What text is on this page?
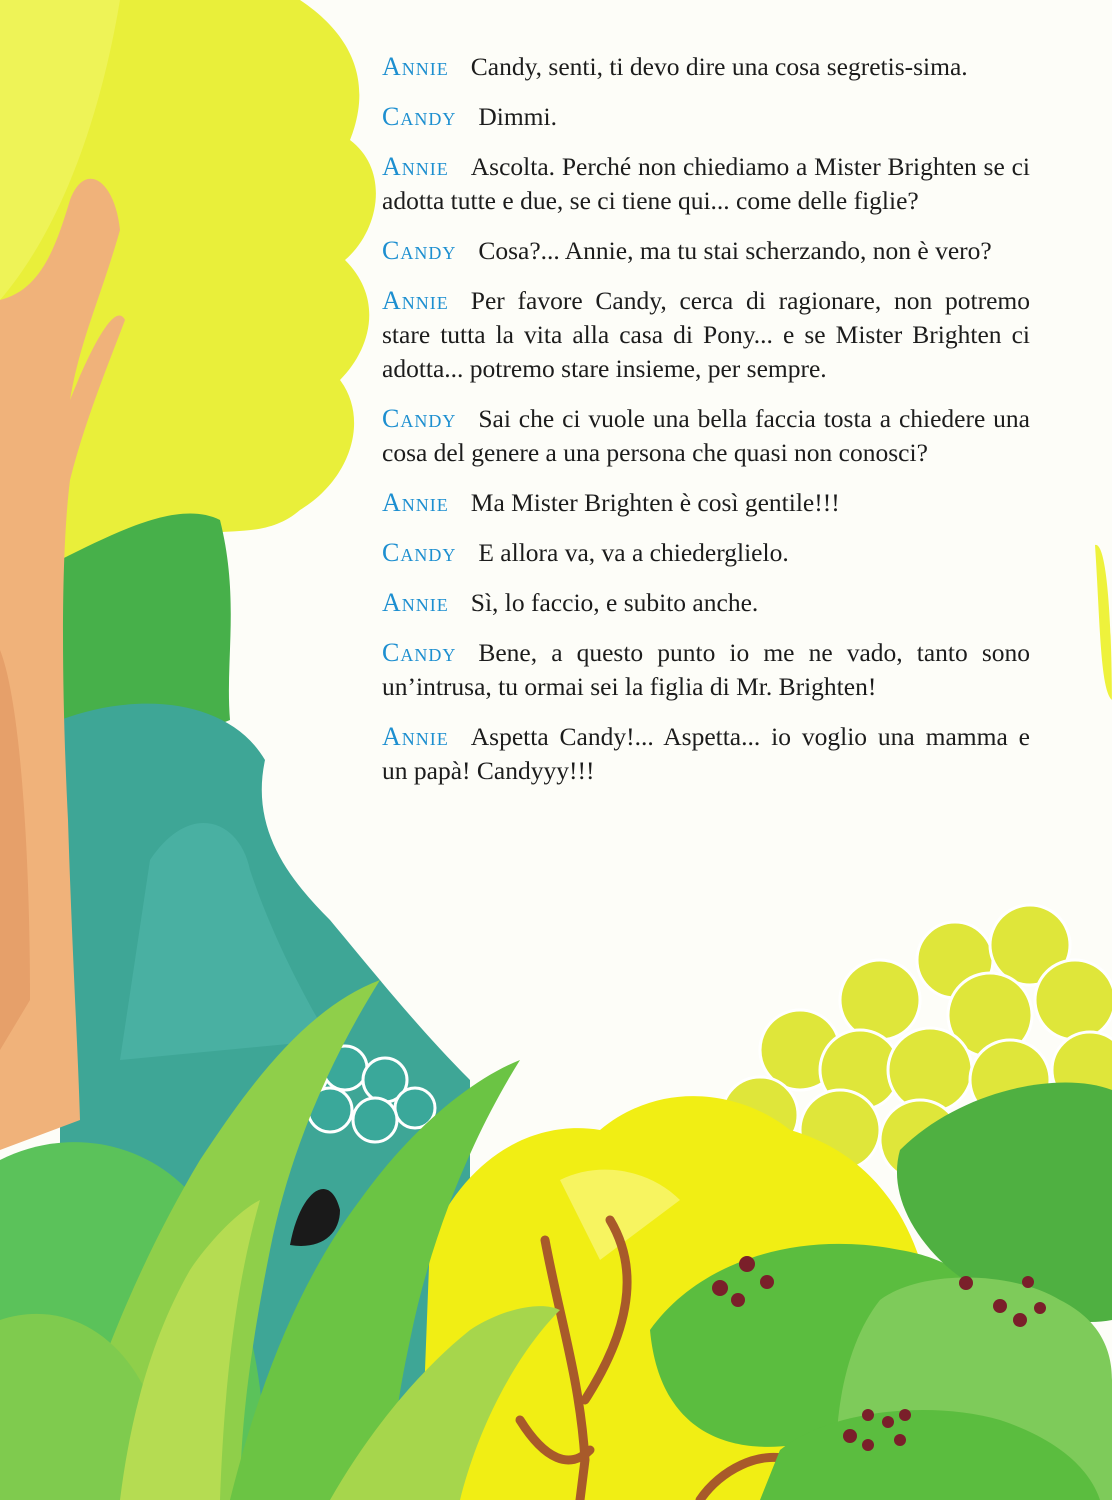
Annie Candy, senti, ti devo dire una cosa segretis-sima.

Candy Dimmi.

Annie Ascolta. Perché non chiediamo a Mister Brighten se ci adotta tutte e due, se ci tiene qui... come delle figlie?

Candy Cosa?... Annie, ma tu stai scherzando, non è vero?

Annie Per favore Candy, cerca di ragionare, non potremo stare tutta la vita alla casa di Pony... e se Mister Brighten ci adotta... potremo stare insieme, per sempre.

Candy Sai che ci vuole una bella faccia tosta a chiedere una cosa del genere a una persona che quasi non conosci?

Annie Ma Mister Brighten è così gentile!!!

Candy E allora va, va a chiederglielo.

Annie Sì, lo faccio, e subito anche.

Candy Bene, a questo punto io me ne vado, tanto sono un’intrusa, tu ormai sei la figlia di Mr. Brighten!

Annie Aspetta Candy!... Aspetta... io voglio una mamma e un papà! Candyyy!!!
